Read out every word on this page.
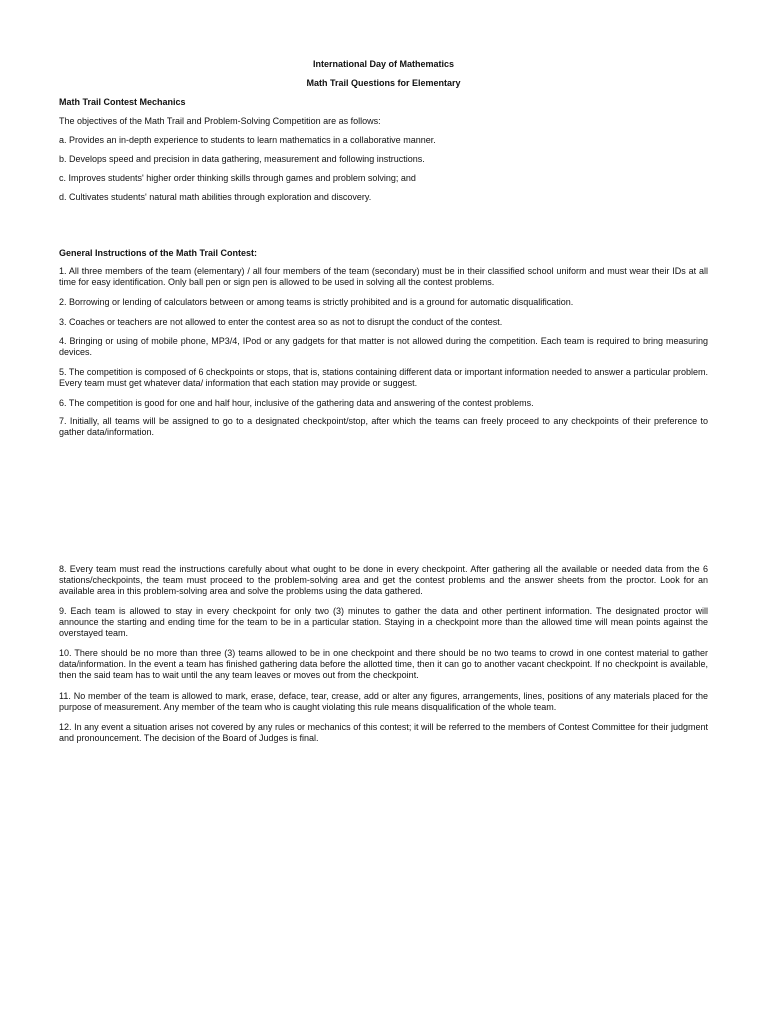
International Day of Mathematics
Math Trail Questions for Elementary
Math Trail Contest Mechanics

The objectives of the Math Trail and Problem-Solving Competition are as follows:

a. Provides an in-depth experience to students to learn mathematics in a collaborative manner.

b. Develops speed and precision in data gathering, measurement and following instructions.

c. Improves students' higher order thinking skills through games and problem solving; and

d. Cultivates students' natural math abilities through exploration and discovery.

General Instructions of the Math Trail Contest:

1. All three members of the team (elementary) / all four members of the team (secondary) must be in their classified school uniform and must wear their IDs at all time for easy identification. Only ball pen or sign pen is allowed to be used in solving all the contest problems.

2. Borrowing or lending of calculators between or among teams is strictly prohibited and is a ground for automatic disqualification.

3. Coaches or teachers are not allowed to enter the contest area so as not to disrupt the conduct of the contest.

4. Bringing or using of mobile phone, MP3/4, IPod or any gadgets for that matter is not allowed during the competition. Each team is required to bring measuring devices.

5. The competition is composed of 6 checkpoints or stops, that is, stations containing different data or important information needed to answer a particular problem. Every team must get whatever data/ information that each station may provide or suggest.

6. The competition is good for one and half hour, inclusive of the gathering data and answering of the contest problems.

7. Initially, all teams will be assigned to go to a designated checkpoint/stop, after which the teams can freely proceed to any checkpoints of their preference to gather data/information.

8. Every team must read the instructions carefully about what ought to be done in every checkpoint. After gathering all the available or needed data from the 6 stations/checkpoints, the team must proceed to the problem-solving area and get the contest problems and the answer sheets from the proctor. Look for an available area in this problem-solving area and solve the problems using the data gathered.

9. Each team is allowed to stay in every checkpoint for only two (3) minutes to gather the data and other pertinent information. The designated proctor will announce the starting and ending time for the team to be in a particular station. Staying in a checkpoint more than the allowed time will mean points against the overstayed team.

10. There should be no more than three (3) teams allowed to be in one checkpoint and there should be no two teams to crowd in one contest material to gather data/information. In the event a team has finished gathering data before the allotted time, then it can go to another vacant checkpoint. If no checkpoint is available, then the said team has to wait until the any team leaves or moves out from the checkpoint.

11. No member of the team is allowed to mark, erase, deface, tear, crease, add or alter any figures, arrangements, lines, positions of any materials placed for the purpose of measurement. Any member of the team who is caught violating this rule means disqualification of the whole team.

12. In any event a situation arises not covered by any rules or mechanics of this contest; it will be referred to the members of Contest Committee for their judgment and pronouncement. The decision of the Board of Judges is final.
